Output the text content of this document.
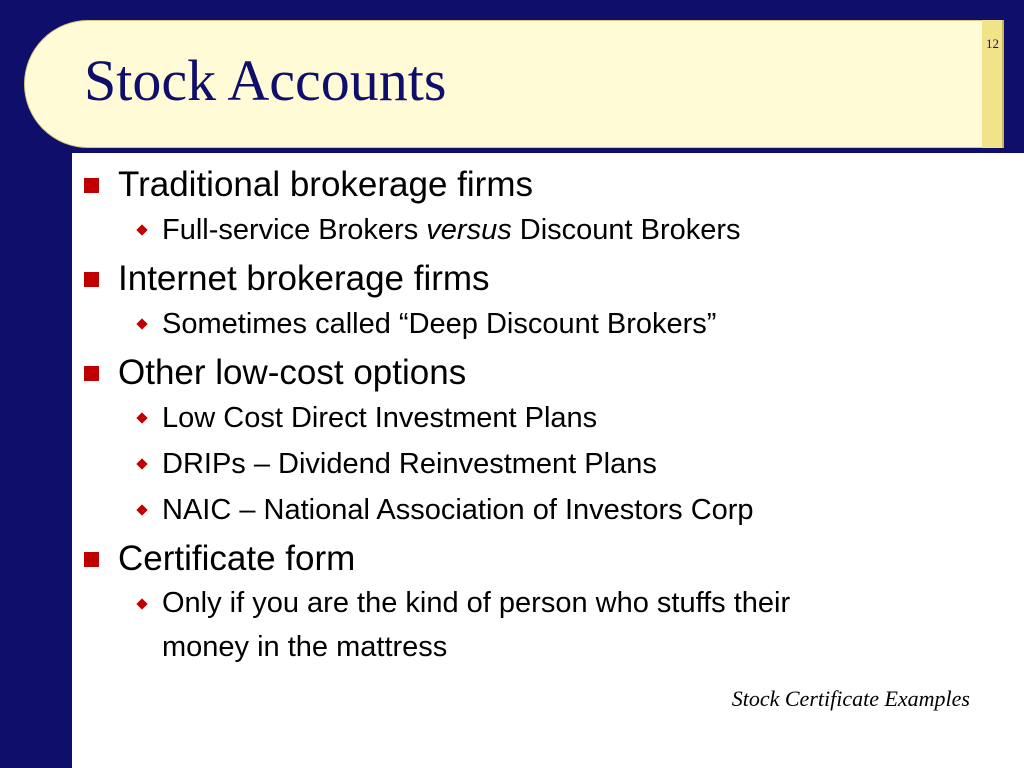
Stock Accounts
12
Traditional brokerage firms
Full-service Brokers versus Discount Brokers
Internet brokerage firms
Sometimes called “Deep Discount Brokers”
Other low-cost options
Low Cost Direct Investment Plans
DRIPs – Dividend Reinvestment Plans
NAIC – National Association of Investors Corp
Certificate form
Only if you are the kind of person who stuffs their
money in the mattress
Stock Certificate Examples
